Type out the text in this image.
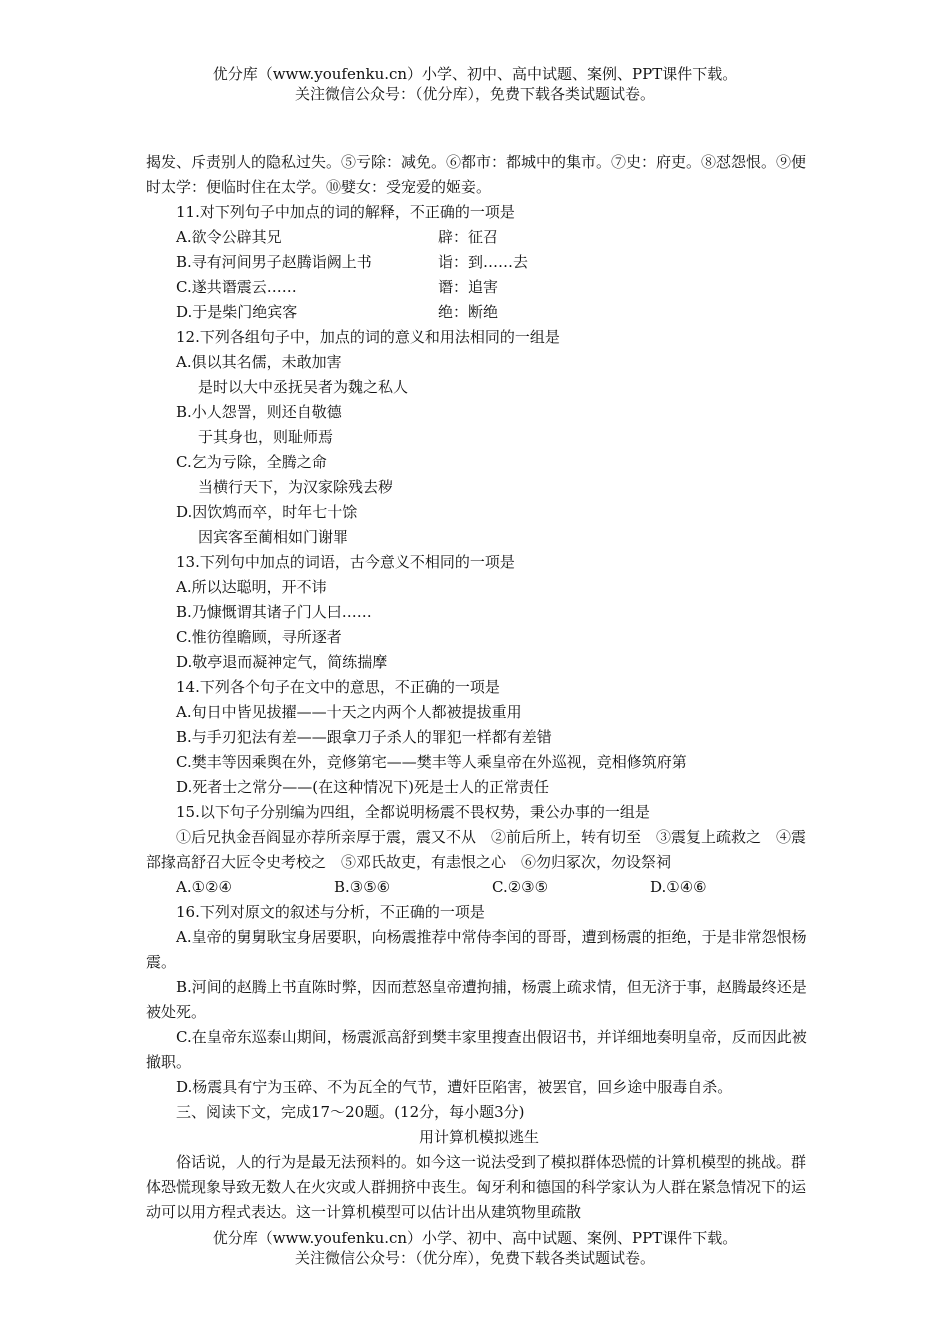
优分库（www.youfenku.cn）小学、初中、高中试题、案例、PPT课件下载。
关注微信公众号：（优分库），免费下载各类试题试卷。

揭发、斥责别人的隐私过失。⑤亏除：减免。⑥都市：都城中的集市。⑦史：府吏。⑧怼怨恨。⑨便时太学：便临时住在太学。⑩嬖女：受宠爱的姬妾。

11.对下列句子中加点的词的解释，不正确的一项是

A.欲令公辟其兄	辟：征召
B.寻有河间男子赵腾诣阙上书	诣：到……去
C.遂共谮震云……	谮：追害
D.于是柴门绝宾客	绝：断绝

12.下列各组句子中，加点的词的意义和用法相同的一组是

A.俱以其名儒，未敢加害

是时以大中丞抚吴者为魏之私人

B.小人怨詈，则还自敬德

于其身也，则耻师焉

C.乞为亏除，全腾之命

当横行天下，为汉家除残去秽

D.因饮鸩而卒，时年七十馀

因宾客至蔺相如门谢罪

13.下列句中加点的词语，古今意义不相同的一项是

A.所以达聪明，开不讳

B.乃慷慨谓其诸子门人曰……

C.惟彷徨瞻顾，寻所逐者

D.敬亭退而凝神定气，简练揣摩

14.下列各个句子在文中的意思，不正确的一项是

A.旬日中皆见拔擢——十天之内两个人都被提拔重用

B.与手刃犯法有差——跟拿刀子杀人的罪犯一样都有差错

C.樊丰等因乘舆在外，竞修第宅——樊丰等人乘皇帝在外巡视，竞相修筑府第

D.死者士之常分——(在这种情况下)死是士人的正常责任

15.以下句子分别编为四组，全都说明杨震不畏权势，秉公办事的一组是

①后兄执金吾阎显亦荐所亲厚于震，震又不从　②前后所上，转有切至　③震复上疏救之　④震部掾高舒召大匠令史考校之　⑤邓氏故吏，有恚恨之心　⑥勿归冢次，勿设祭祠

A.①②④	B.③⑤⑥	C.②③⑤	D.①④⑥

16.下列对原文的叙述与分析，不正确的一项是

A.皇帝的舅舅耿宝身居要职，向杨震推荐中常侍李闰的哥哥，遭到杨震的拒绝，于是非常怨恨杨震。

B.河间的赵腾上书直陈时弊，因而惹怒皇帝遭拘捕，杨震上疏求情，但无济于事，赵腾最终还是被处死。

C.在皇帝东巡泰山期间，杨震派高舒到樊丰家里搜查出假诏书，并详细地奏明皇帝，反而因此被撤职。

D.杨震具有宁为玉碎、不为瓦全的气节，遭奸臣陷害，被罢官，回乡途中服毒自杀。

三、阅读下文，完成17～20题。(12分，每小题3分)

用计算机模拟逃生

俗话说，人的行为是最无法预料的。如今这一说法受到了模拟群体恐慌的计算机模型的挑战。群体恐慌现象导致无数人在火灾或人群拥挤中丧生。匈牙利和德国的科学家认为人群在紧急情况下的运动可以用方程式表达。这一计算机模型可以估计出从建筑物里疏散

优分库（www.youfenku.cn）小学、初中、高中试题、案例、PPT课件下载。
关注微信公众号：（优分库），免费下载各类试题试卷。
